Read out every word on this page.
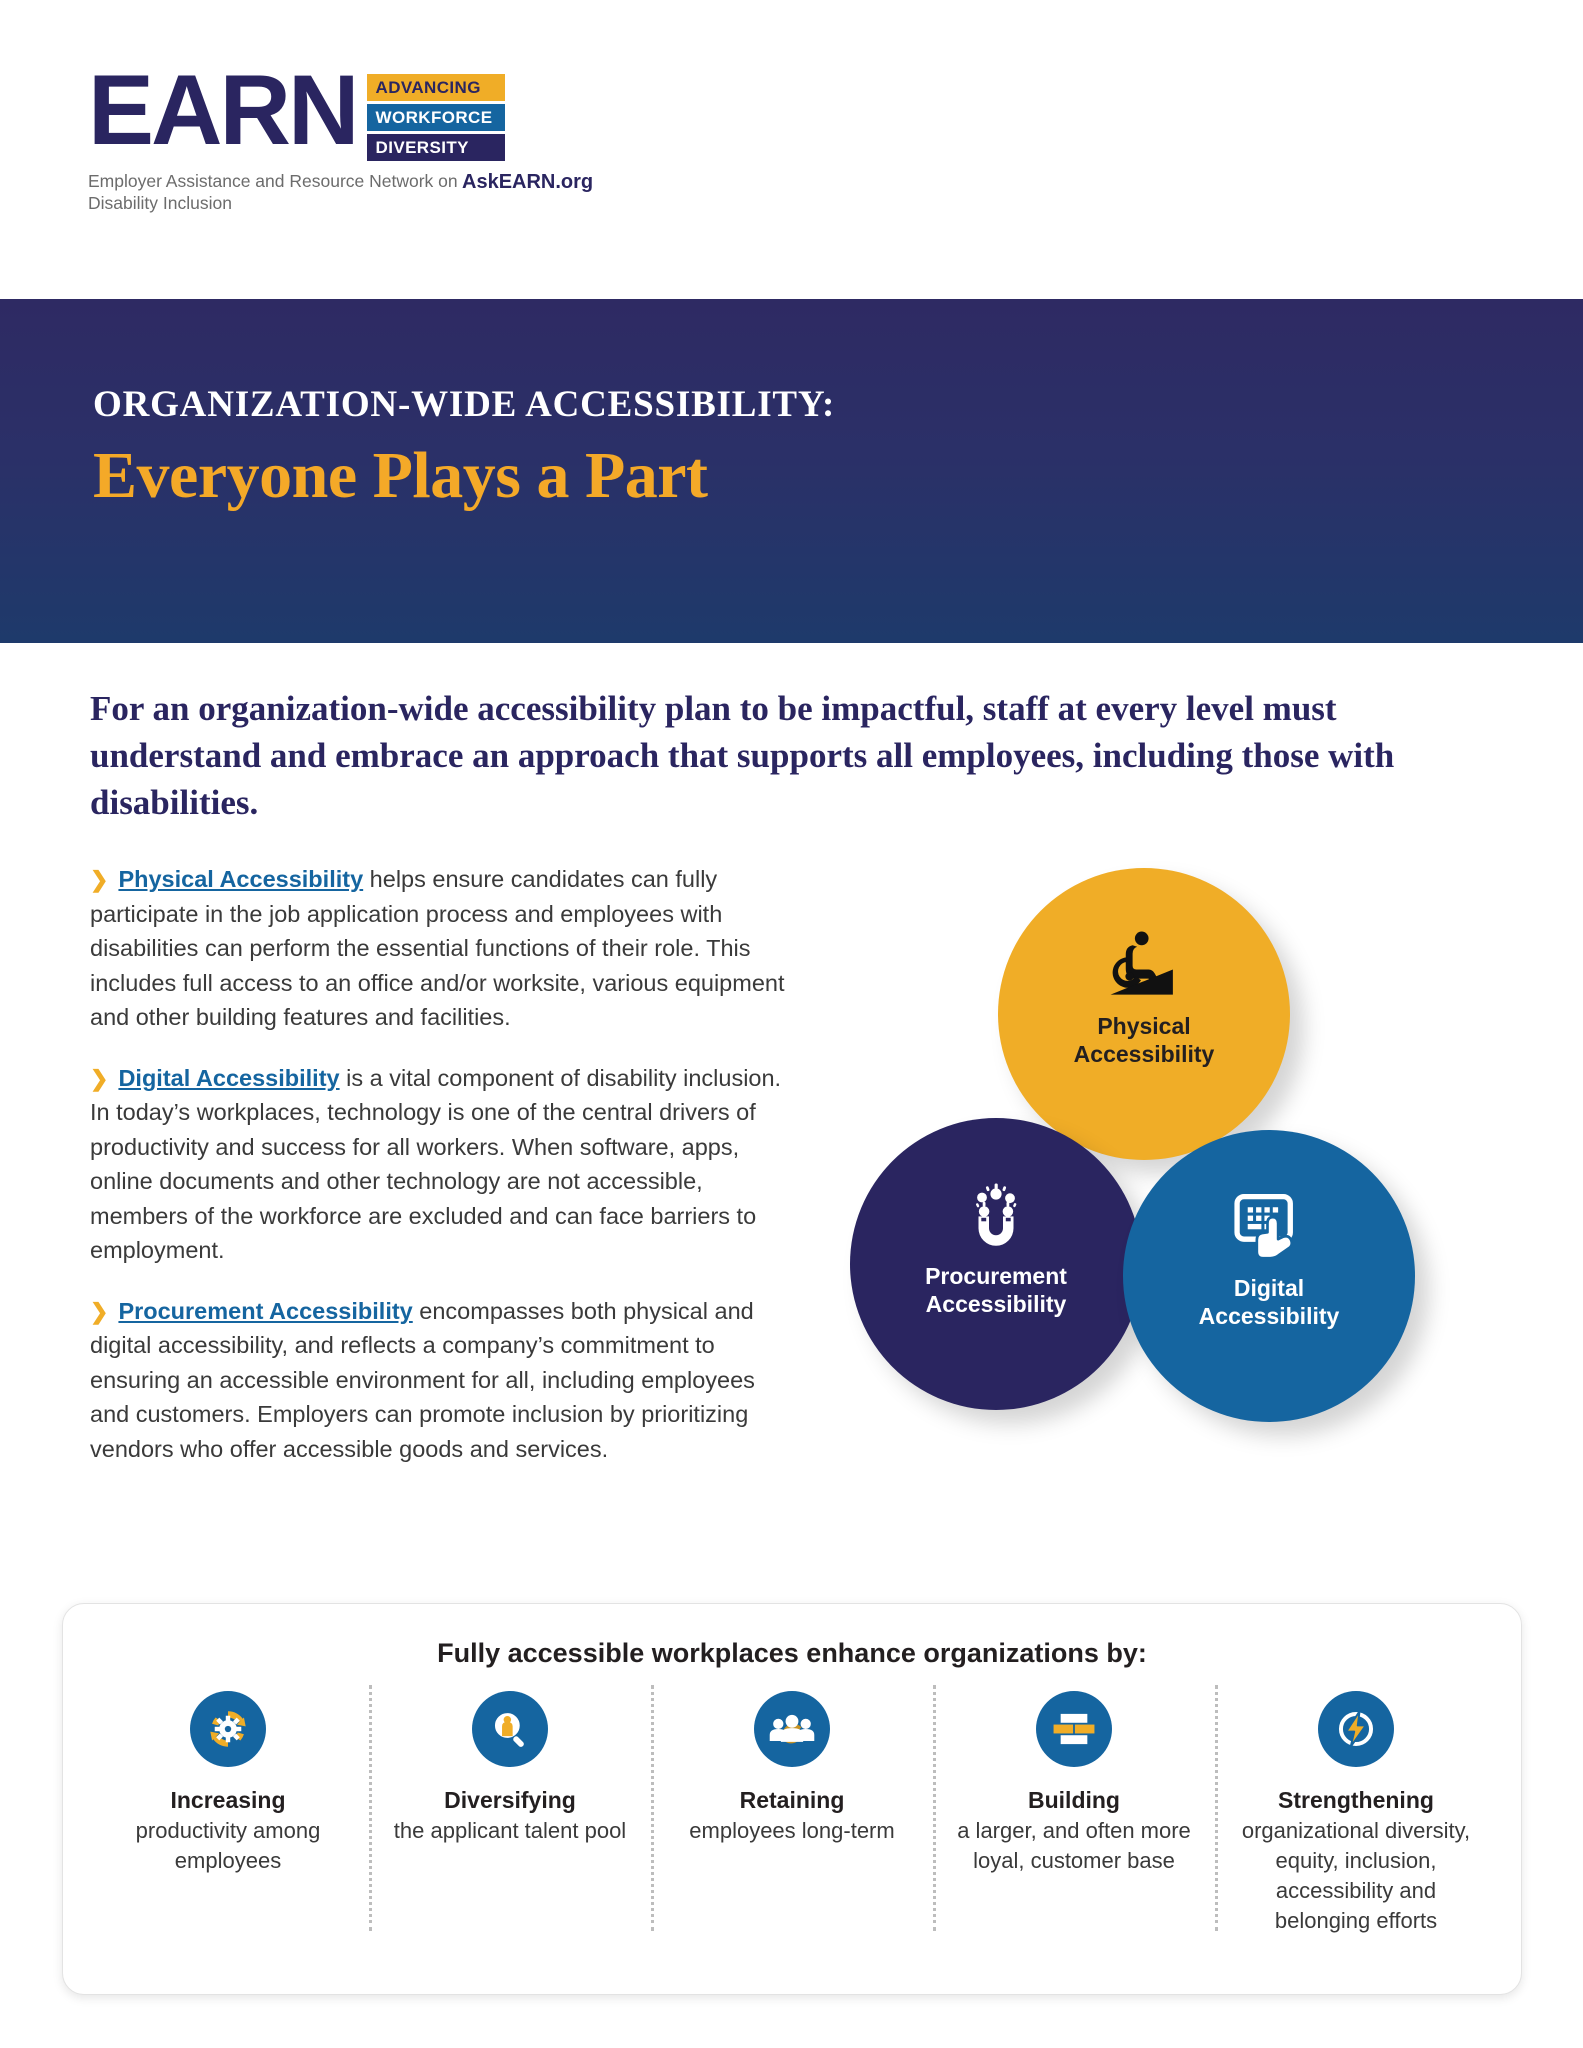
EARN	ADVANCING
WORKFORCE
DIVERSITY
Employer Assistance and Resource Network on Disability Inclusion
AskEARN.org
ORGANIZATION-WIDE ACCESSIBILITY:
Everyone Plays a Part
For an organization-wide accessibility plan to be impactful, staff at every level must understand and embrace an approach that supports all employees, including those with disabilities.

❯ Physical Accessibility helps ensure candidates can fully participate in the job application process and employees with disabilities can perform the essential functions of their role. This includes full access to an office and/or worksite, various equipment and other building features and facilities.

❯ Digital Accessibility is a vital component of disability inclusion. In today’s workplaces, technology is one of the central drivers of productivity and success for all workers. When software, apps, online documents and other technology are not accessible, members of the workforce are excluded and can face barriers to employment.

❯ Procurement Accessibility encompasses both physical and digital accessibility, and reflects a company’s commitment to ensuring an accessible environment for all, including employees and customers. Employers can promote inclusion by prioritizing vendors who offer accessible goods and services.

Physical
Accessibility
Procurement
Accessibility
Digital
Accessibility
Fully accessible workplaces enhance organizations by:
Increasing
productivity among employees
Diversifying
the applicant talent pool
Retaining
employees long-term
Building
a larger, and often more loyal, customer base
Strengthening
organizational diversity, equity, inclusion, accessibility and belonging efforts
